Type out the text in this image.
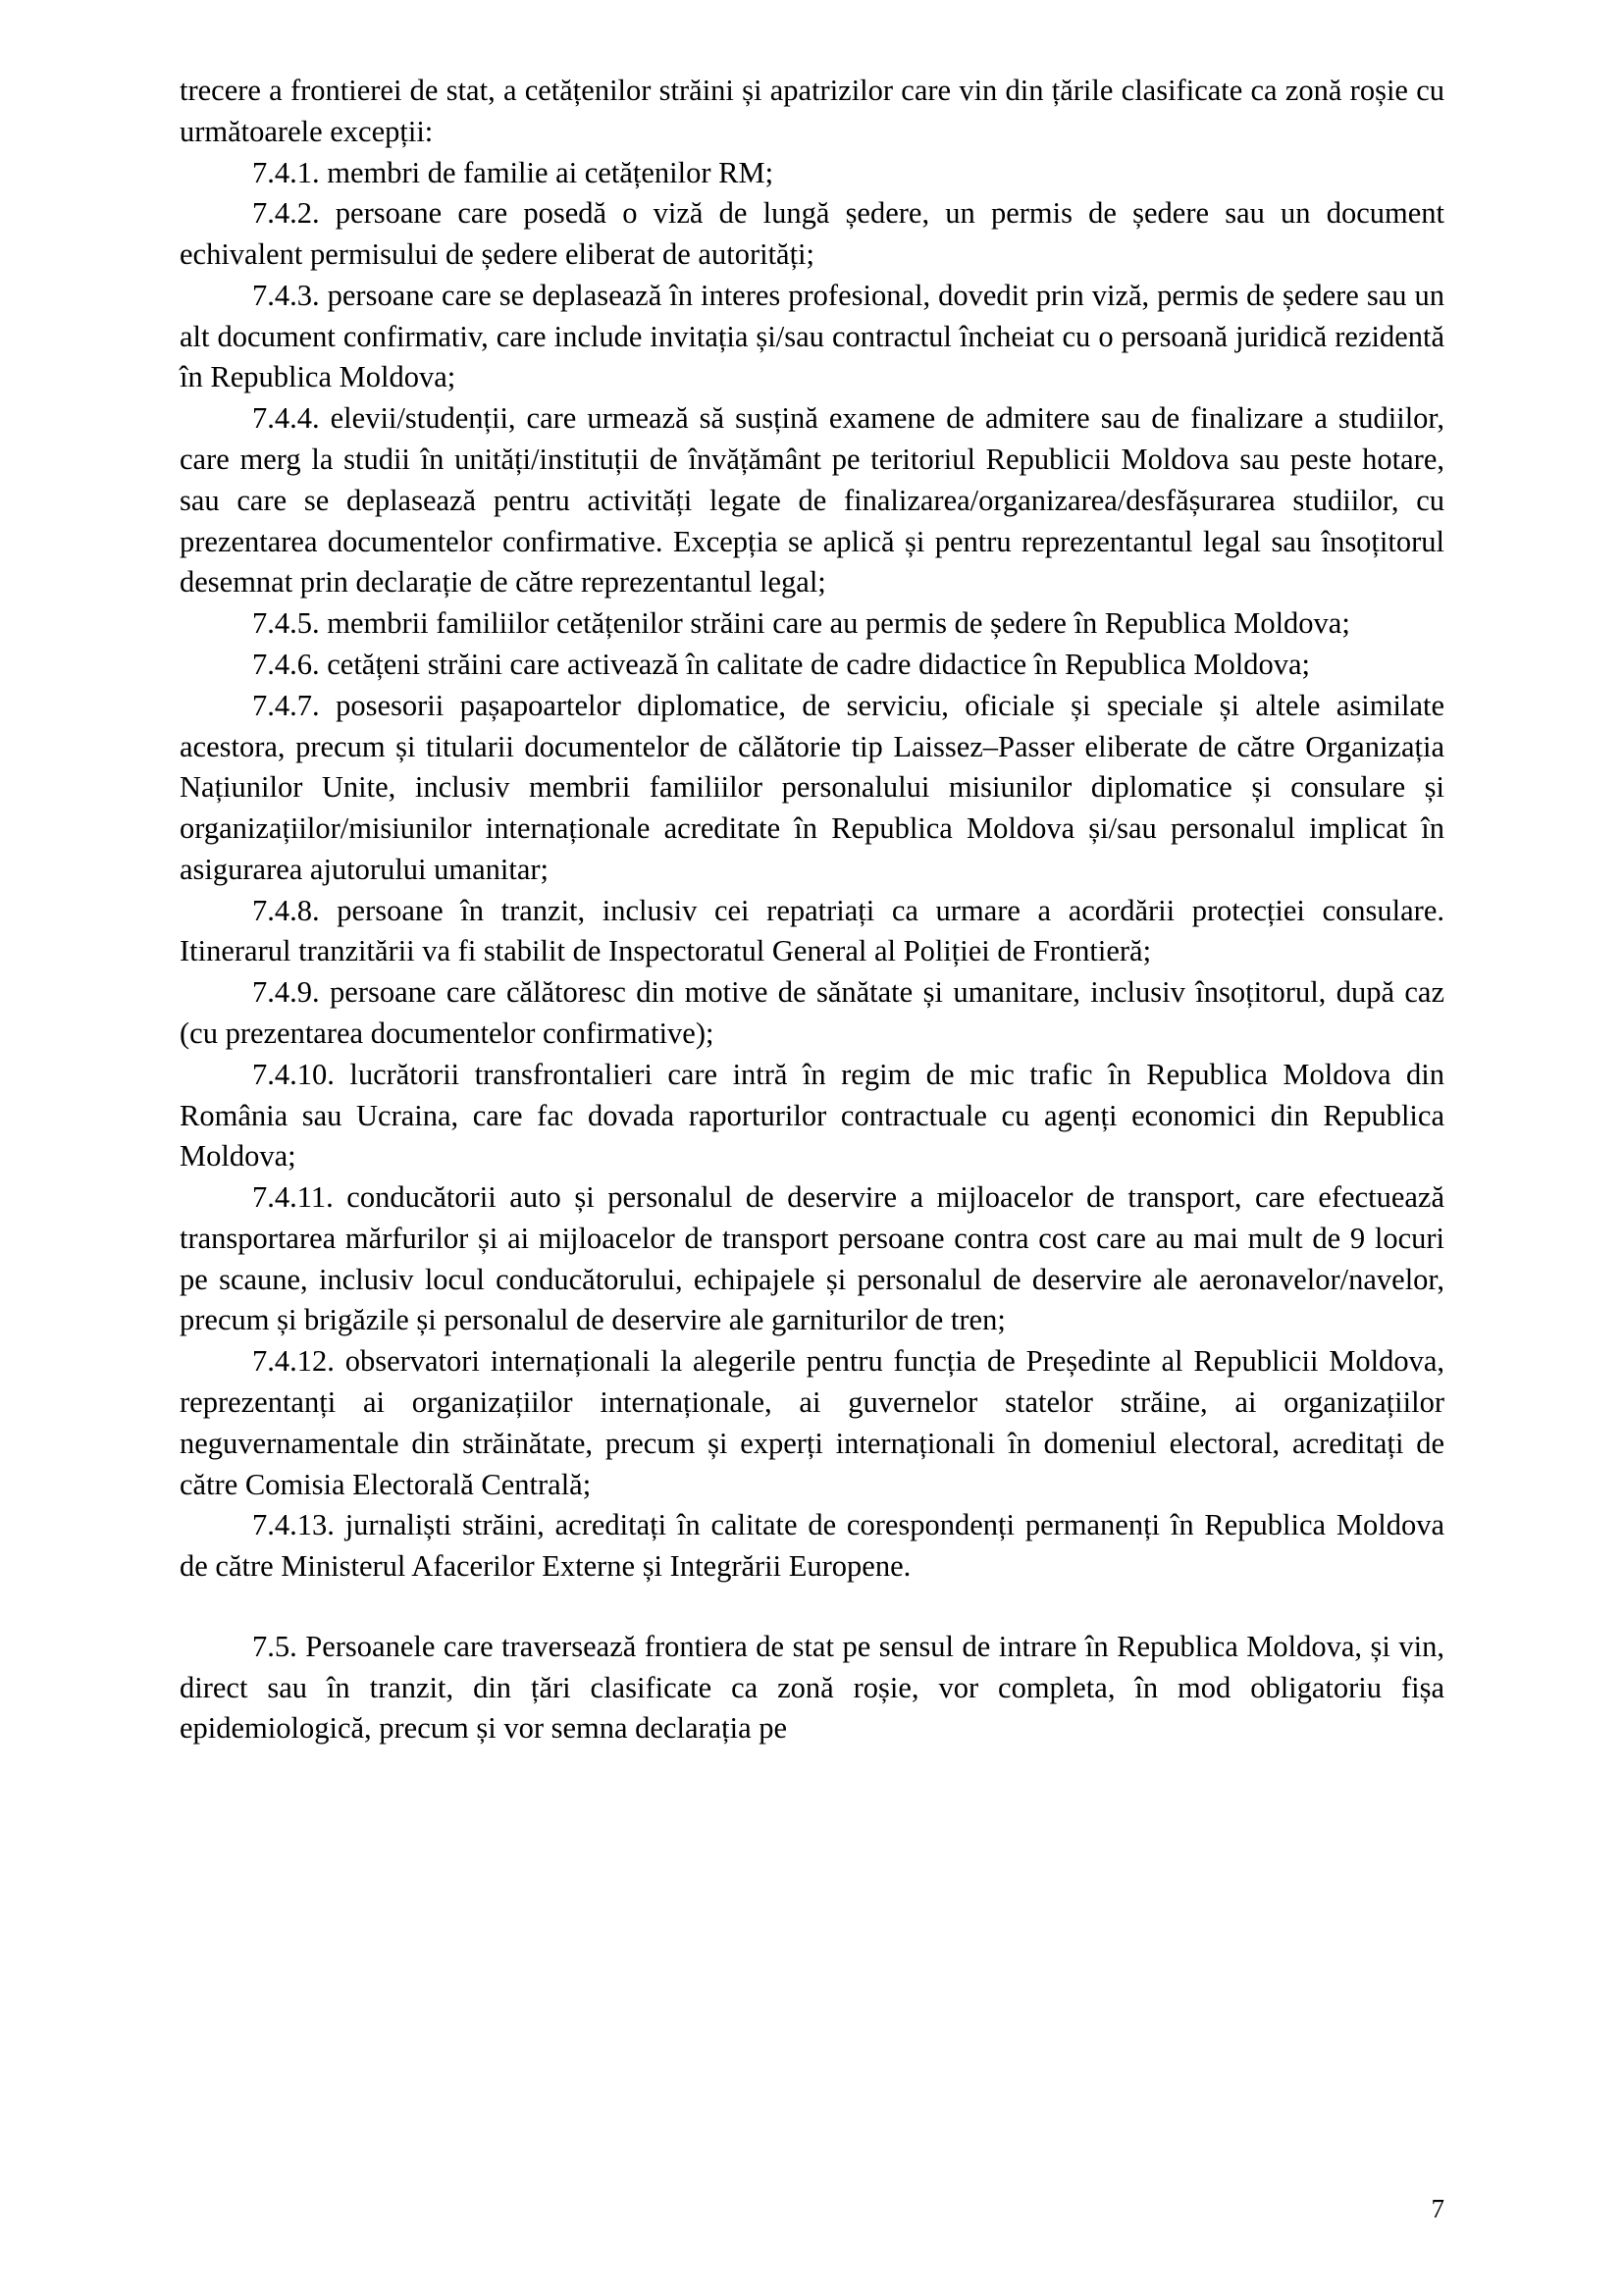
trecere a frontierei de stat, a cetățenilor străini și apatrizilor care vin din țările clasificate ca zonă roșie cu următoarele excepții:

7.4.1. membri de familie ai cetățenilor RM;

7.4.2. persoane care posedă o viză de lungă ședere, un permis de ședere sau un document echivalent permisului de ședere eliberat de autorități;

7.4.3. persoane care se deplasează în interes profesional, dovedit prin viză, permis de ședere sau un alt document confirmativ, care include invitația și/sau contractul încheiat cu o persoană juridică rezidentă în Republica Moldova;

7.4.4. elevii/studenții, care urmează să susțină examene de admitere sau de finalizare a studiilor, care merg la studii în unități/instituții de învățământ pe teritoriul Republicii Moldova sau peste hotare, sau care se deplasează pentru activități legate de finalizarea/organizarea/desfășurarea studiilor, cu prezentarea documentelor confirmative. Excepția se aplică și pentru reprezentantul legal sau însoțitorul desemnat prin declarație de către reprezentantul legal;

7.4.5. membrii familiilor cetățenilor străini care au permis de ședere în Republica Moldova;

7.4.6. cetățeni străini care activează în calitate de cadre didactice în Republica Moldova;

7.4.7. posesorii pașapoartelor diplomatice, de serviciu, oficiale și speciale și altele asimilate acestora, precum și titularii documentelor de călătorie tip Laissez–Passer eliberate de către Organizația Națiunilor Unite, inclusiv membrii familiilor personalului misiunilor diplomatice și consulare și organizațiilor/misiunilor internaționale acreditate în Republica Moldova și/sau personalul implicat în asigurarea ajutorului umanitar;

7.4.8. persoane în tranzit, inclusiv cei repatriați ca urmare a acordării protecției consulare. Itinerarul tranzitării va fi stabilit de Inspectoratul General al Poliției de Frontieră;

7.4.9. persoane care călătoresc din motive de sănătate și umanitare, inclusiv însoțitorul, după caz (cu prezentarea documentelor confirmative);

7.4.10. lucrătorii transfrontalieri care intră în regim de mic trafic în Republica Moldova din România sau Ucraina, care fac dovada raporturilor contractuale cu agenți economici din Republica Moldova;

7.4.11. conducătorii auto și personalul de deservire a mijloacelor de transport, care efectuează transportarea mărfurilor și ai mijloacelor de transport persoane contra cost care au mai mult de 9 locuri pe scaune, inclusiv locul conducătorului, echipajele și personalul de deservire ale aeronavelor/navelor, precum și brigăzile și personalul de deservire ale garniturilor de tren;

7.4.12. observatori internaționali la alegerile pentru funcția de Președinte al Republicii Moldova, reprezentanți ai organizațiilor internaționale, ai guvernelor statelor străine, ai organizațiilor neguvernamentale din străinătate, precum și experți internaționali în domeniul electoral, acreditați de către Comisia Electorală Centrală;

7.4.13. jurnaliști străini, acreditați în calitate de corespondenți permanenți în Republica Moldova de către Ministerul Afacerilor Externe și Integrării Europene.

7.5. Persoanele care traversează frontiera de stat pe sensul de intrare în Republica Moldova, și vin, direct sau în tranzit, din țări clasificate ca zonă roșie, vor completa, în mod obligatoriu fișa epidemiologică, precum și vor semna declarația pe

7
